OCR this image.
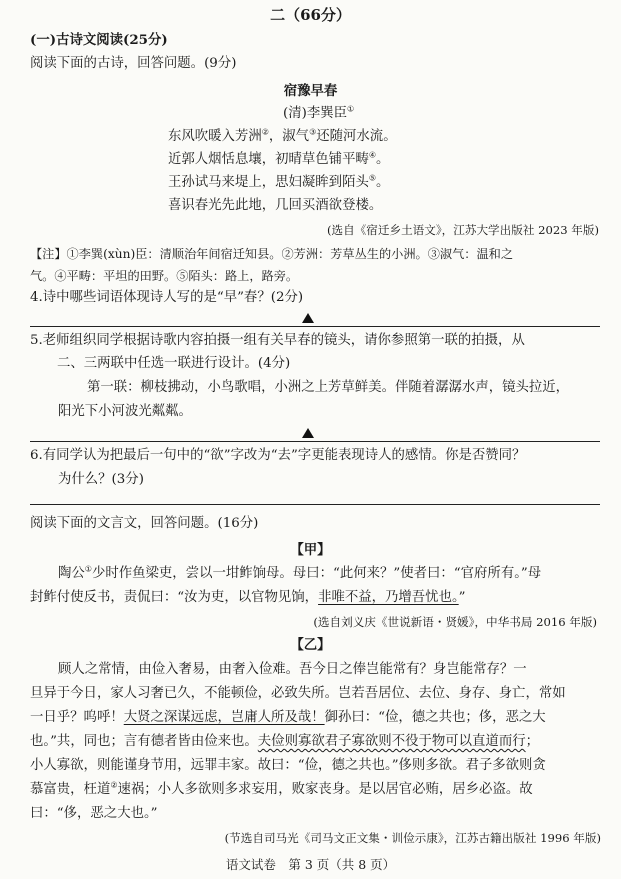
二（66分）
(一)古诗文阅读(25分)
阅读下面的古诗，回答问题。(9分)
宿豫早春
(清)李巽臣①
东风吹暖入芳洲②，淑气③还随河水流。
近郭人烟恬息壤，初晴草色铺平畴④。
王孙试马来堤上，思妇凝眸到陌头⑤。
喜识春光先此地，几回买酒欲登楼。
(选自《宿迁乡土语文》，江苏大学出版社 2023 年版)
【注】①李巽(xùn)臣：清顺治年间宿迁知县。②芳洲：芳草丛生的小洲。③淑气：温和之
气。④平畴：平坦的田野。⑤陌头：路上，路旁。
4.诗中哪些词语体现诗人写的是“早”春？(2分)
5.老师组织同学根据诗歌内容拍摄一组有关早春的镜头，请你参照第一联的拍摄，从
二、三两联中任选一联进行设计。(4分)
第一联：柳枝拂动，小鸟歌唱，小洲之上芳草鲜美。伴随着潺潺水声，镜头拉近，
阳光下小河波光粼粼。
6.有同学认为把最后一句中的“欲”字改为“去”字更能表现诗人的感情。你是否赞同？
为什么？(3分)
阅读下面的文言文，回答问题。(16分)
【甲】
陶公①少时作鱼梁吏，尝以一坩鲊饷母。母曰：“此何来？”使者曰：“官府所有。”母
封鲊付使反书，责侃曰：“汝为吏，以官物见饷，非唯不益，乃增吾忧也。”
(选自刘义庆《世说新语・贤媛》，中华书局 2016 年版)
【乙】
顾人之常情，由俭入奢易，由奢入俭难。吾今日之俸岂能常有？身岂能常存？一
旦异于今日，家人习奢已久，不能顿俭，必致失所。岂若吾居位、去位、身存、身亡，常如
一日乎？呜呼！大贤之深谋远虑，岂庸人所及哉！御孙曰：“俭，德之共也；侈，恶之大
也。”共，同也；言有德者皆由俭来也。夫俭则寡欲君子寡欲则不役于物可以直道而行；
小人寡欲，则能谨身节用，远罪丰家。故曰：“俭，德之共也。”侈则多欲。君子多欲则贪
慕富贵，枉道②速祸；小人多欲则多求妄用，败家丧身。是以居官必贿，居乡必盗。故
曰：“侈，恶之大也。”
(节选自司马光《司马文正文集・训俭示康》，江苏古籍出版社 1996 年版)
语文试卷　第 3 页（共 8 页）
